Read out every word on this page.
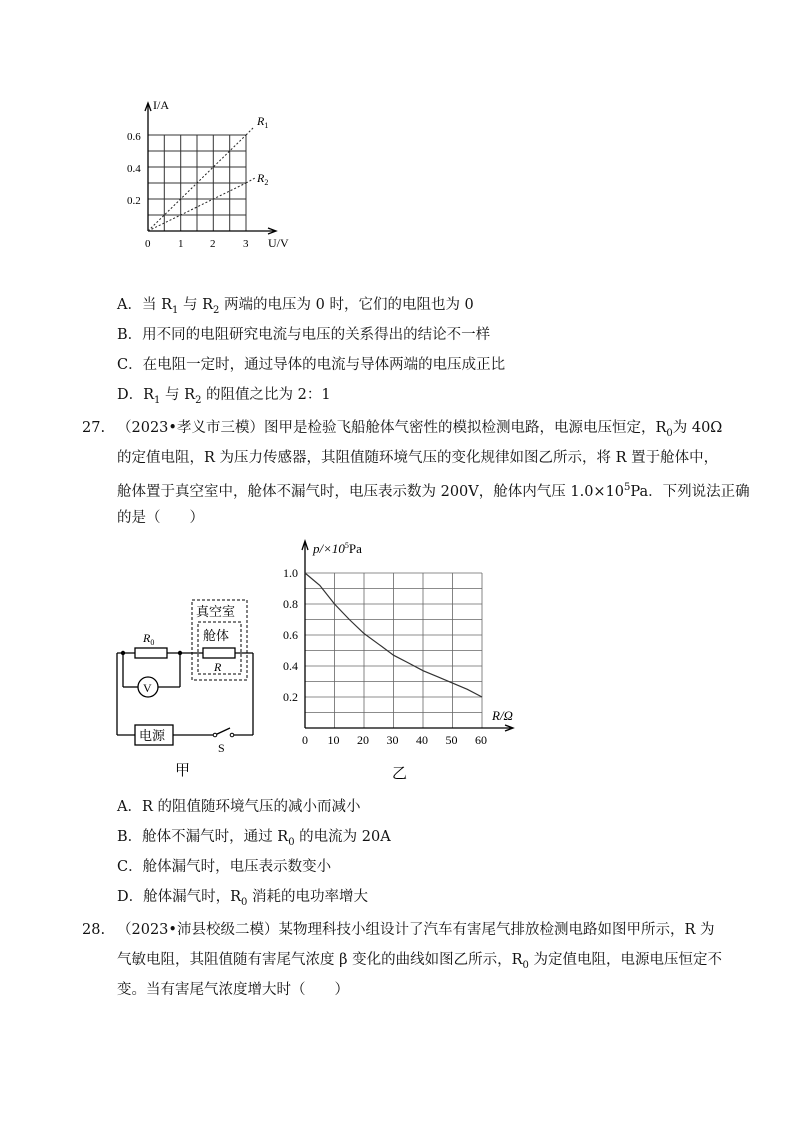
I/A
U/V
0.6
0.4
0.2
0	1 2	3
$R_1$
$R_2$
A．当 $R_1$ 与 $R_2$ 两端的电压为 0 时，它们的电阻也为 0
B．用不同的电阻研究电流与电压的关系得出的结论不一样
C．在电阻一定时，通过导体的电流与导体两端的电压成正比
D．$R_1$ 与 $R_2$ 的阻值之比为 2：1
27. （2023•孝义市三模）图甲是检验飞船舱体气密性的模拟检测电路，电源电压恒定，$R_0$为 40Ω
的定值电阻，R 为压力传感器，其阻值随环境气压的变化规律如图乙所示，将 R 置于舱体中，
舱体置于真空室中，舱体不漏气时，电压表示数为 200V，舱体内气压 $1.0\times 10^5Pa$．下列说法正确
的是（　　）
真空室
舱体
$R_0$
R
V
电源
S
甲
$p/\times 10^5Pa$
R/Ω
1.0
0.8
0.6
0.4
0.2
0 10 20 30 40 50 60
乙
A．R 的阻值随环境气压的减小而减小
B．舱体不漏气时，通过 $R_0$ 的电流为 20A
C．舱体漏气时，电压表示数变小
D．舱体漏气时，$R_0$ 消耗的电功率增大
28. （2023•沛县校级二模）某物理科技小组设计了汽车有害尾气排放检测电路如图甲所示，R 为
气敏电阻，其阻值随有害尾气浓度 β 变化的曲线如图乙所示，$R_0$ 为定值电阻，电源电压恒定不
变。当有害尾气浓度增大时（　　）
